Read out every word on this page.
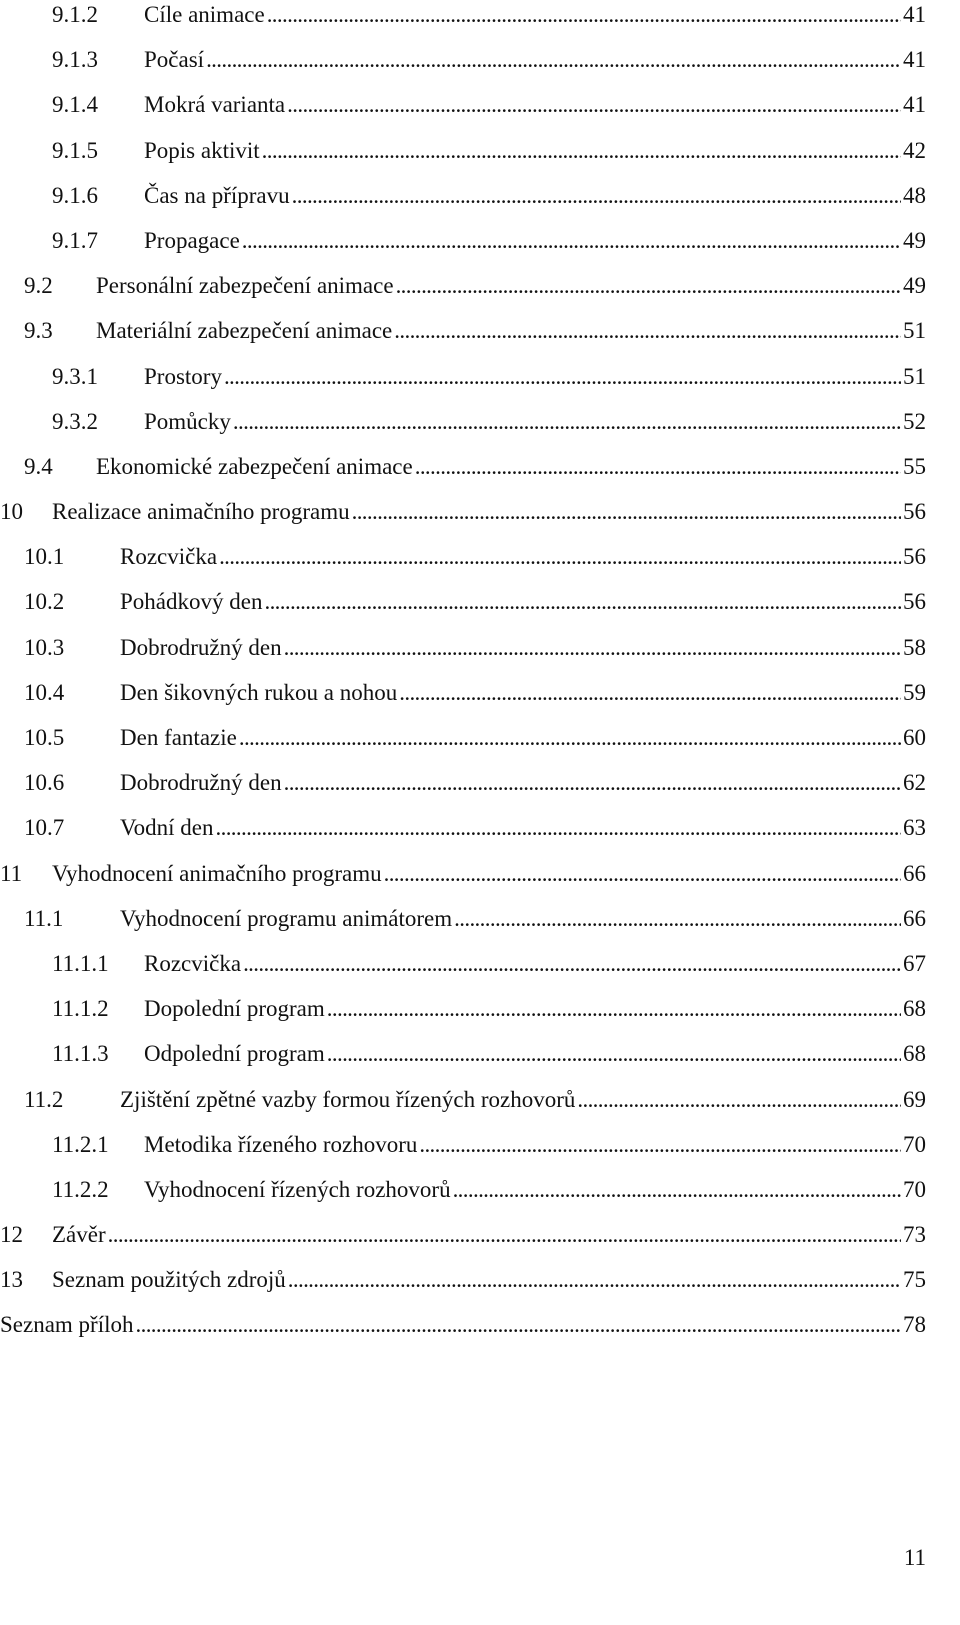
9.1.2 Cíle animace . . .	41
9.1.3 Počasí . . .	41
9.1.4 Mokrá varianta . . .	41
9.1.5 Popis aktivit . . .	42
9.1.6 Čas na přípravu . . .	48
9.1.7 Propagace . . .	49
9.2 Personální zabezpečení animace . . .	49
9.3 Materiální zabezpečení animace . . .	51
9.3.1 Prostory . . .	51
9.3.2 Pomůcky . . .	52
9.4 Ekonomické zabezpečení animace . . .	55
10 Realizace animačního programu . . .	56
10.1 Rozcvička . . .	56
10.2 Pohádkový den . . .	56
10.3 Dobrodružný den . . .	58
10.4 Den šikovných rukou a nohou . . .	59
10.5 Den fantazie . . .	60
10.6 Dobrodružný den . . .	62
10.7 Vodní den . . .	63
11 Vyhodnocení animačního programu . . .	66
11.1 Vyhodnocení programu animátorem . . .	66
11.1.1 Rozcvička . . .	67
11.1.2 Dopolední program . . .	68
11.1.3 Odpolední program . . .	68
11.2 Zjištění zpětné vazby formou řízených rozhovorů . . .	69
11.2.1 Metodika řízeného rozhovoru . . .	70
11.2.2 Vyhodnocení řízených rozhovorů . . .	70
12 Závěr . . .	73
13 Seznam použitých zdrojů . . .	75
Seznam příloh . . .	78
11
